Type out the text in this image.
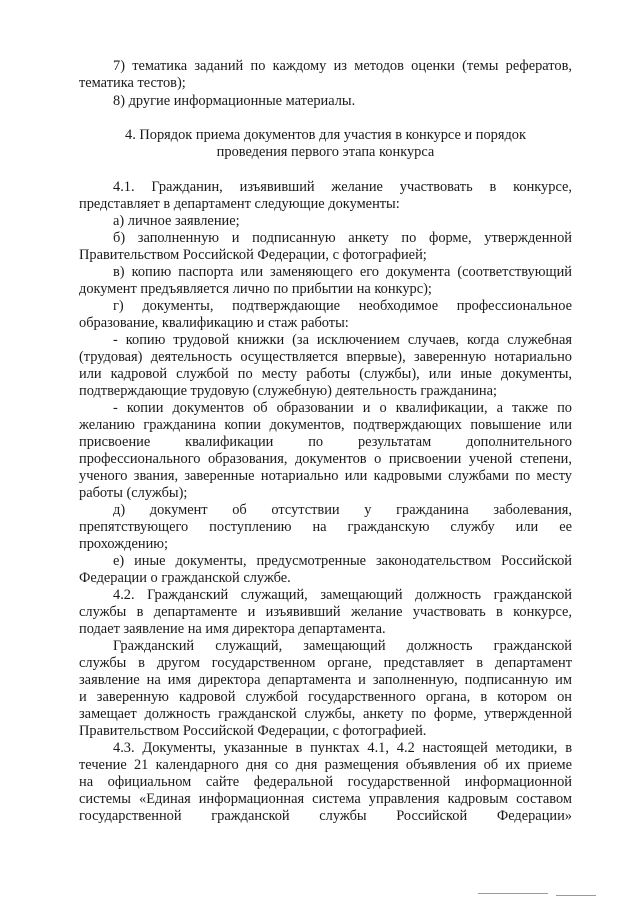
7) тематика заданий по каждому из методов оценки (темы рефератов,
тематика тестов);
8) другие информационные материалы.
4. Порядок приема документов для участия в конкурсе и порядок
проведения первого этапа конкурса
4.1. Гражданин, изъявивший желание участвовать в конкурсе,
представляет в департамент следующие документы:
а) личное заявление;
б) заполненную и подписанную анкету по форме, утвержденной
Правительством Российской Федерации, с фотографией;
в) копию паспорта или заменяющего его документа (соответствующий
документ предъявляется лично по прибытии на конкурс);
г) документы, подтверждающие необходимое профессиональное
образование, квалификацию и стаж работы:
- копию трудовой книжки (за исключением случаев, когда служебная
(трудовая) деятельность осуществляется впервые), заверенную нотариально
или кадровой службой по месту работы (службы), или иные документы,
подтверждающие трудовую (служебную) деятельность гражданина;
- копии документов об образовании и о квалификации, а также по
желанию гражданина копии документов, подтверждающих повышение или
присвоение квалификации по результатам дополнительного
профессионального образования, документов о присвоении ученой степени,
ученого звания, заверенные нотариально или кадровыми службами по месту
работы (службы);
д) документ об отсутствии у гражданина заболевания,
препятствующего поступлению на гражданскую службу или ее
прохождению;
е) иные документы, предусмотренные законодательством Российской
Федерации о гражданской службе.
4.2. Гражданский служащий, замещающий должность гражданской
службы в департаменте и изъявивший желание участвовать в конкурсе,
подает заявление на имя директора департамента.
Гражданский служащий, замещающий должность гражданской
службы в другом государственном органе, представляет в департамент
заявление на имя директора департамента и заполненную, подписанную им
и заверенную кадровой службой государственного органа, в котором он
замещает должность гражданской службы, анкету по форме, утвержденной
Правительством Российской Федерации, с фотографией.
4.3. Документы, указанные в пунктах 4.1, 4.2 настоящей методики, в
течение 21 календарного дня со дня размещения объявления об их приеме
на официальном сайте федеральной государственной информационной
системы «Единая информационная система управления кадровым составом
государственной гражданской службы Российской Федерации»
